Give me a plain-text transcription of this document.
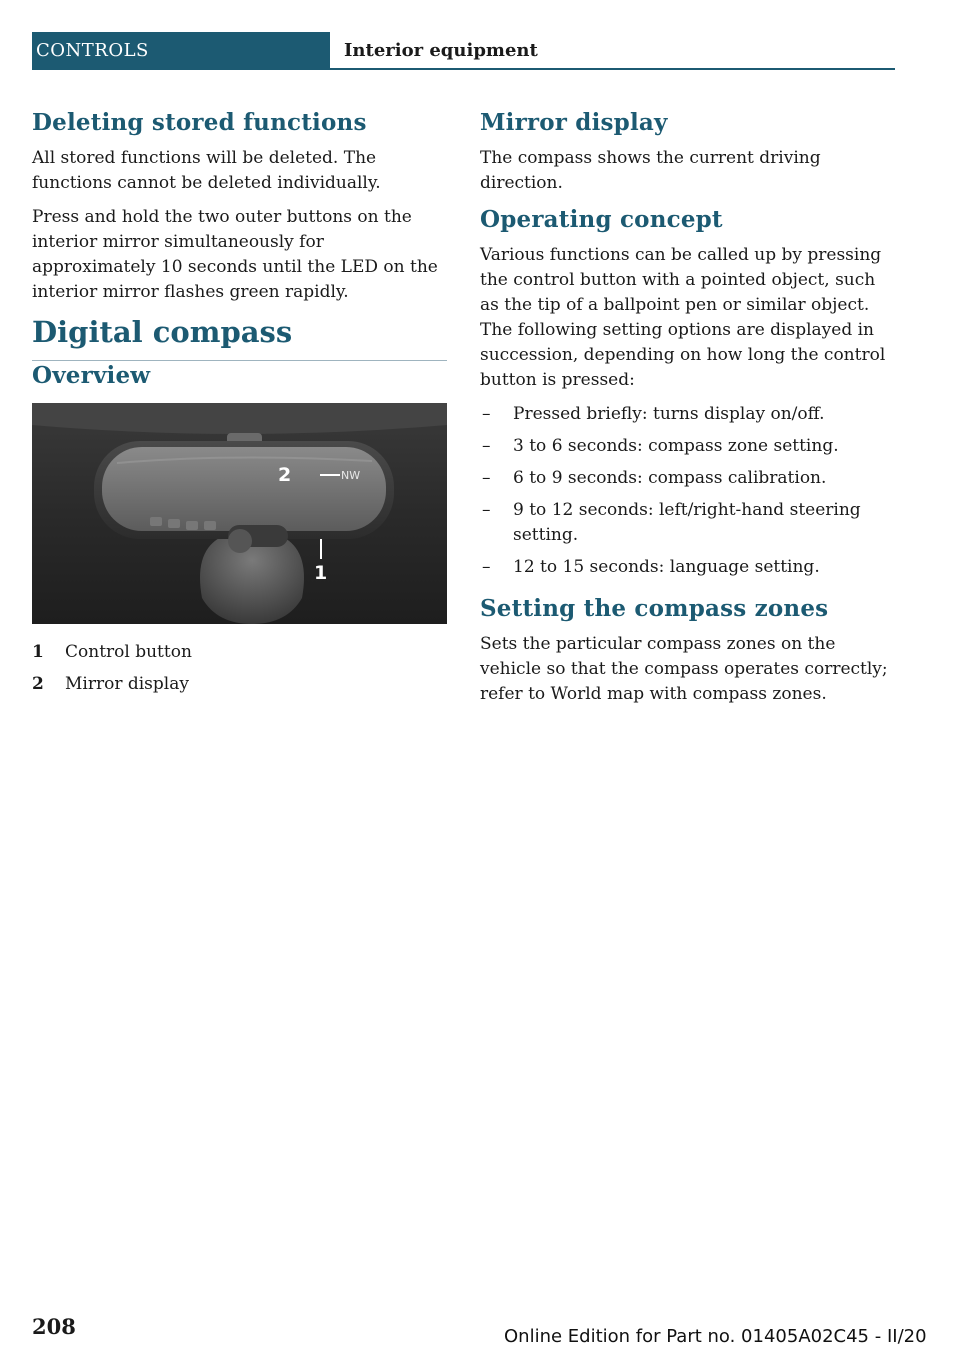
CONTROLS	Interior equipment
Deleting stored functions

All stored functions will be deleted. The functions cannot be deleted individually.

Press and hold the two outer buttons on the interior mirror simultaneously for approximately 10 seconds until the LED on the interior mirror flashes green rapidly.

Digital compass
Overview
NW
2
1
1	Control button
2	Mirror display
Mirror display

The compass shows the current driving direction.

Operating concept

Various functions can be called up by pressing the control button with a pointed object, such as the tip of a ballpoint pen or similar object. The following setting options are displayed in succession, depending on how long the control button is pressed:

–	Pressed briefly: turns display on/off.
–	3 to 6 seconds: compass zone setting.
–	6 to 9 seconds: compass calibration.
–	9 to 12 seconds: left/right-hand steering setting.
–	12 to 15 seconds: language setting.
Setting the compass zones

Sets the particular compass zones on the vehicle so that the compass operates correctly; refer to World map with compass zones.

208	Online Edition for Part no. 01405A02C45 - II/20
